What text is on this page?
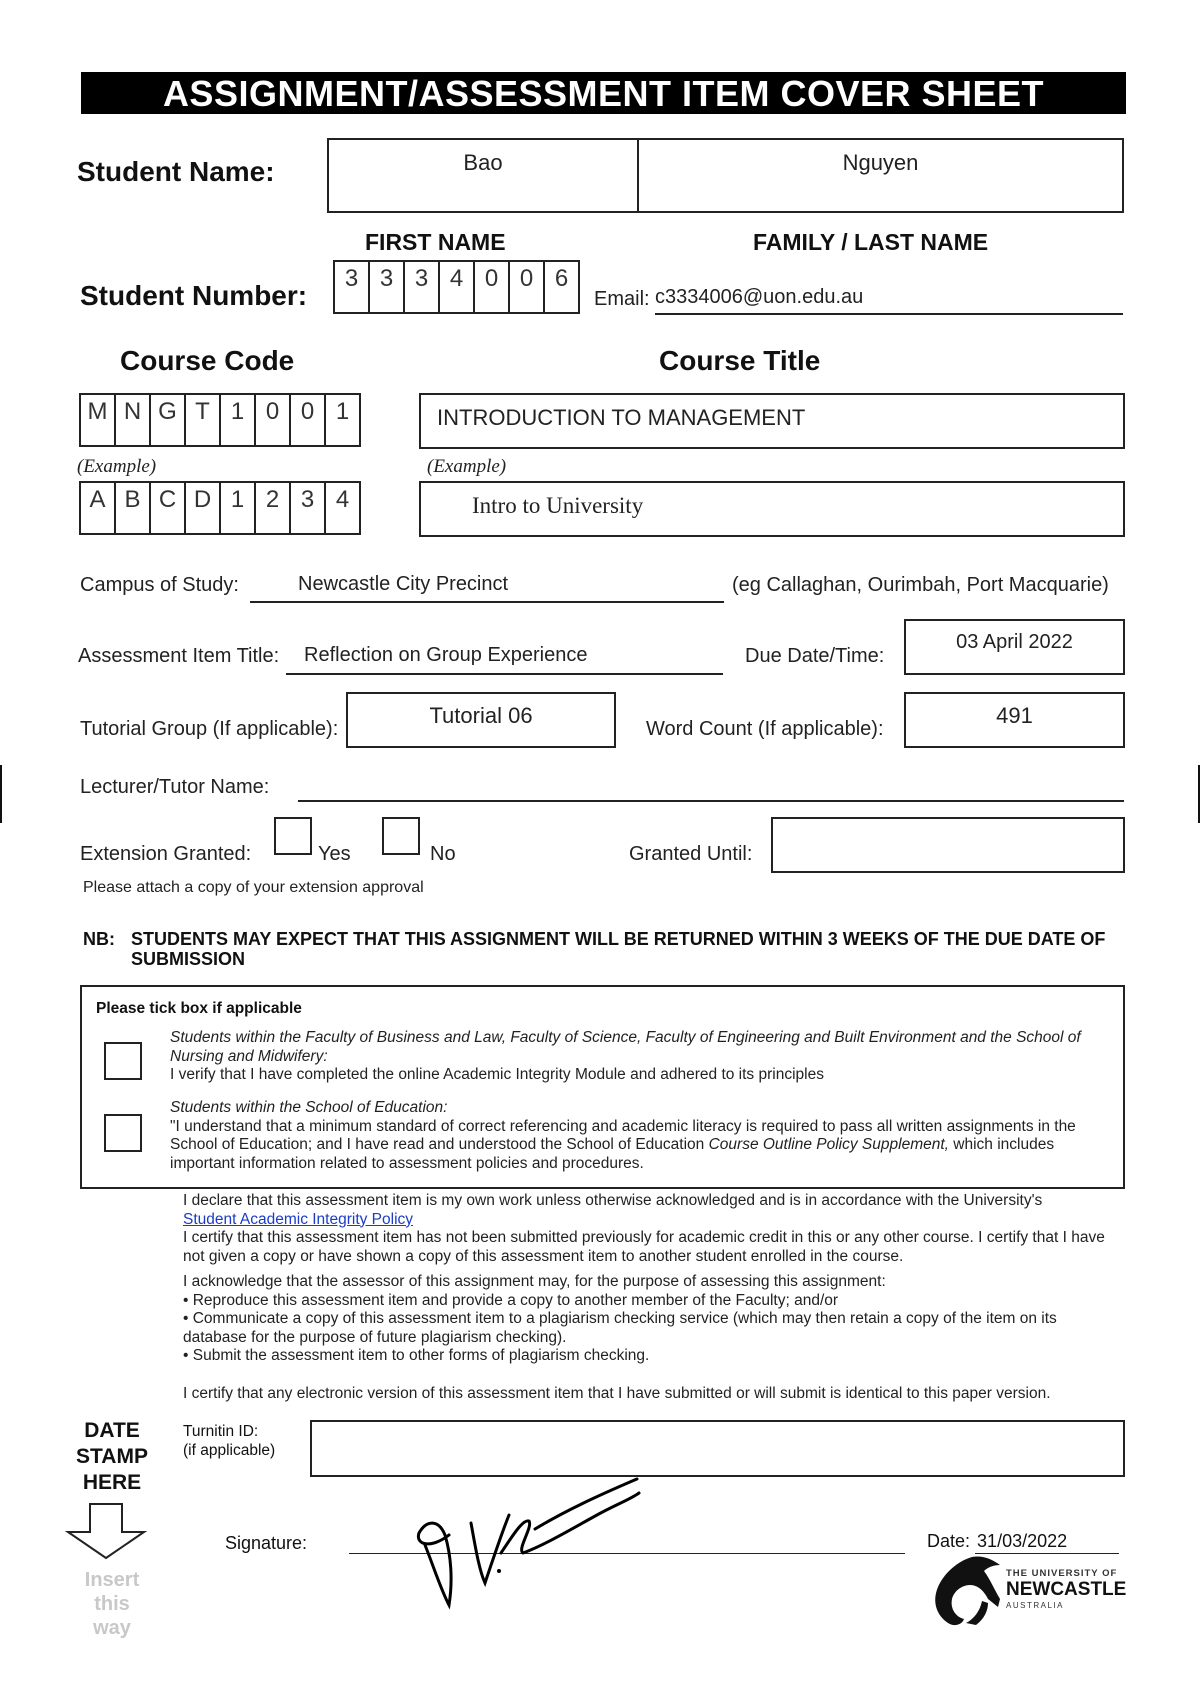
ASSIGNMENT/ASSESSMENT ITEM COVER SHEET
Student Name:	Bao	Nguyen
FIRST NAME	FAMILY / LAST NAME
Student Number:
3 3 3 4 0 0 6
Email: c3334006@uon.edu.au
Course Code	Course Title
M N G T 1 0 0 1	INTRODUCTION TO MANAGEMENT
(Example)	(Example)
A B C D 1 2 3 4	Intro to University
Campus of Study:	Newcastle City Precinct	(eg Callaghan, Ourimbah, Port Macquarie)
Assessment Item Title: Reflection on Group Experience	Due Date/Time:
03 April 2022
Tutorial Group (If applicable):
Tutorial 06
Word Count (If applicable):
491
Lecturer/Tutor Name:
Extension Granted:	Yes	No	Granted Until:
Please attach a copy of your extension approval
NB: STUDENTS MAY EXPECT THAT THIS ASSIGNMENT WILL BE RETURNED WITHIN 3 WEEKS OF THE DUE DATE OF
SUBMISSION
Please tick box if applicable
Students within the Faculty of Business and Law, Faculty of Science, Faculty of Engineering and Built Environment and the School of Nursing and Midwifery:
I verify that I have completed the online Academic Integrity Module and adhered to its principles
Students within the School of Education:
"I understand that a minimum standard of correct referencing and academic literacy is required to pass all written assignments in the School of Education; and I have read and understood the School of Education Course Outline Policy Supplement, which includes important information related to assessment policies and procedures.
I declare that this assessment item is my own work unless otherwise acknowledged and is in accordance with the University's
Student Academic Integrity Policy
I certify that this assessment item has not been submitted previously for academic credit in this or any other course. I certify that I have not given a copy or have shown a copy of this assessment item to another student enrolled in the course.
I acknowledge that the assessor of this assignment may, for the purpose of assessing this assignment:
• Reproduce this assessment item and provide a copy to another member of the Faculty; and/or
• Communicate a copy of this assessment item to a plagiarism checking service (which may then retain a copy of the item on its database for the purpose of future plagiarism checking).
• Submit the assessment item to other forms of plagiarism checking.
I certify that any electronic version of this assessment item that I have submitted or will submit is identical to this paper version.
DATE
STAMP
HERE
Insert
this
way
Turnitin ID:
(if applicable)
Signature:	Date: 31/03/2022
THE UNIVERSITY OF
NEWCASTLE
AUSTRALIA
